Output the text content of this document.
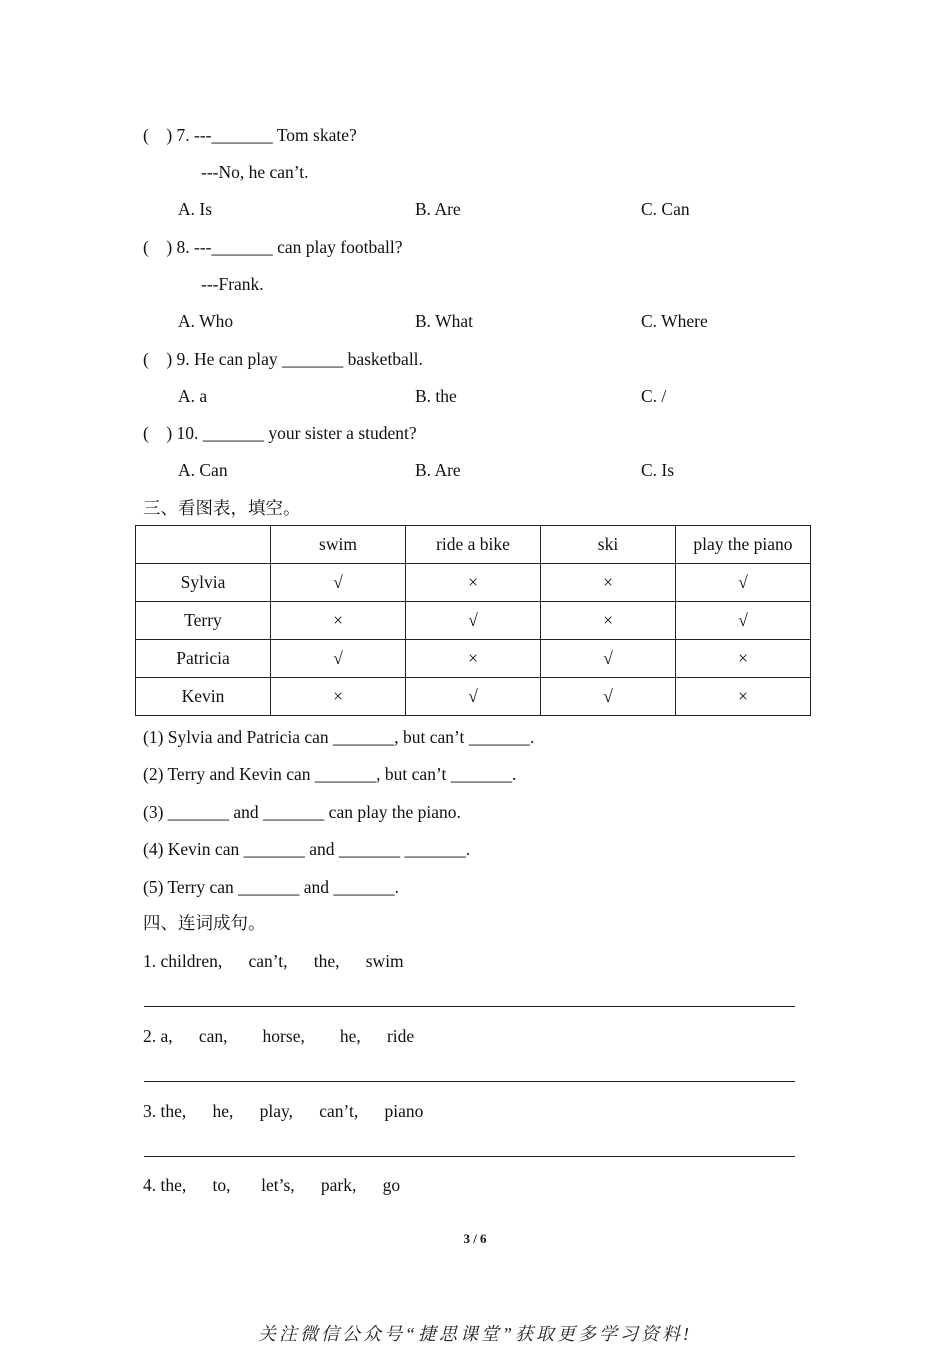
(    ) 7. ---_______ Tom skate?
---No, he can’t.
A. Is	B. Are	C. Can
(    ) 8. ---_______ can play football?
---Frank.
A. Who	B. What	C. Where
(    ) 9. He can play _______ basketball.
A. a	B. the	C. /
(    ) 10. _______ your sister a student?
A. Can	B. Are	C. Is
三、看图表，填空。
	swim	ride a bike	ski	play the piano
Sylvia	√	×	×	√
Terry	×	√	×	√
Patricia	√	×	√	×
Kevin	×	√	√	×
(1) Sylvia and Patricia can _______, but can’t _______.
(2) Terry and Kevin can _______, but can’t _______.
(3) _______ and _______ can play the piano.
(4) Kevin can _______ and _______ _______.
(5) Terry can _______ and _______.
四、连词成句。
1. children,      can’t,      the,      swim
2. a,      can,        horse,        he,      ride
3. the,      he,      play,      can’t,      piano
4. the,      to,       let’s,      park,      go
3 / 6
关注微信公众号“捷思课堂”获取更多学习资料!
